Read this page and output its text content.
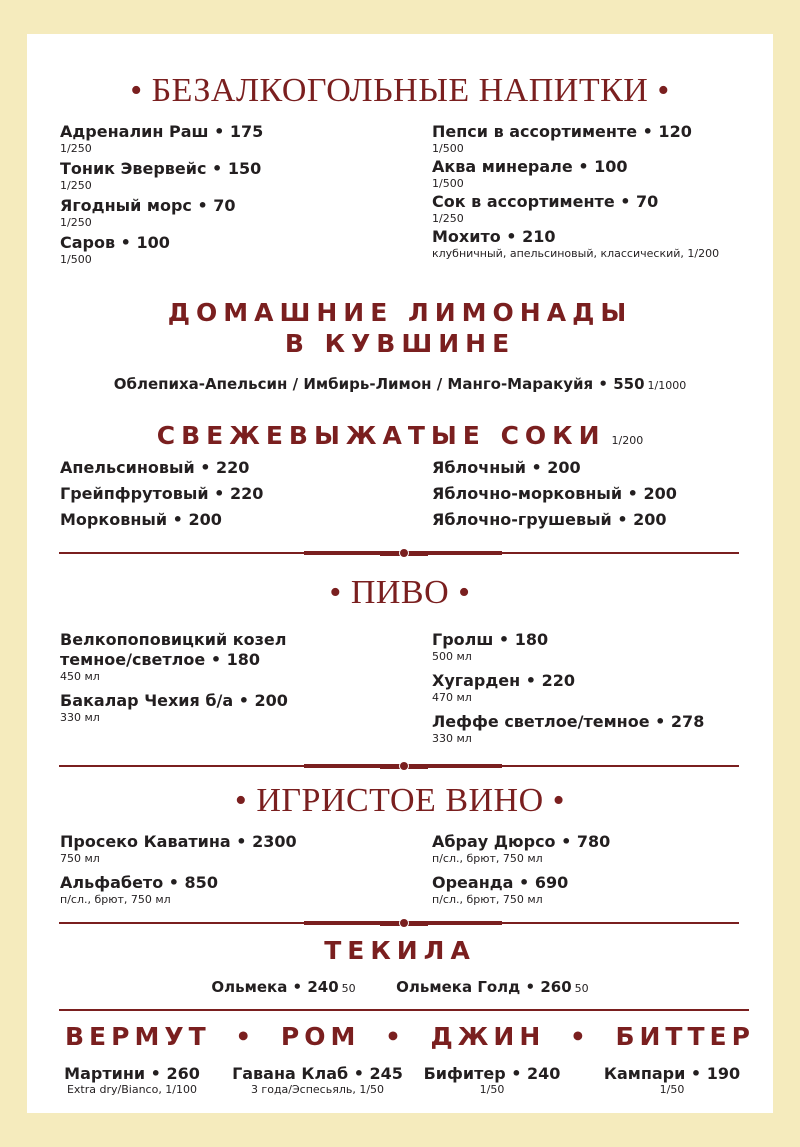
• БЕЗАЛКОГОЛЬНЫЕ НАПИТКИ •
Адреналин Раш • 175
1/250
Тоник Эвервейс • 150
1/250
Ягодный морс • 70
1/250
Саров • 100
1/500
Пепси в ассортименте • 120
1/500
Аква минерале • 100
1/500
Сок в ассортименте • 70
1/250
Мохито • 210
клубничный, апельсиновый, классический, 1/200
ДОМАШНИЕ ЛИМОНАДЫ
В КУВШИНЕ
Облепиха-Апельсин / Имбирь-Лимон / Манго-Маракуйя • 550 1/1000
СВЕЖЕВЫЖАТЫЕ СОКИ 1/200
Апельсиновый • 220
Грейпфрутовый • 220
Морковный • 200
Яблочный • 200
Яблочно-морковный • 200
Яблочно-грушевый • 200
• ПИВО •
Велкопоповицкий козел темное/светлое • 180
450 мл
Бакалар Чехия б/а • 200
330 мл
Гролш • 180
500 мл
Хугарден • 220
470 мл
Леффе светлое/темное • 278
330 мл
• ИГРИСТОЕ ВИНО •
Просеко Каватина • 2300
750 мл
Альфабето • 850
п/сл., брют, 750 мл
Абрау Дюрсо • 780
п/сл., брют, 750 мл
Ореанда • 690
п/сл., брют, 750 мл
ТЕКИЛА
Ольмека • 240 50	Ольмека Голд • 260 50
ВЕРМУТ • РОМ • ДЖИН • БИТТЕР
Мартини • 260
Extra dry/Bianco, 1/100
Гавана Клаб • 245
3 года/Эспесьяль, 1/50
Бифитер • 240
1/50
Кампари • 190
1/50
